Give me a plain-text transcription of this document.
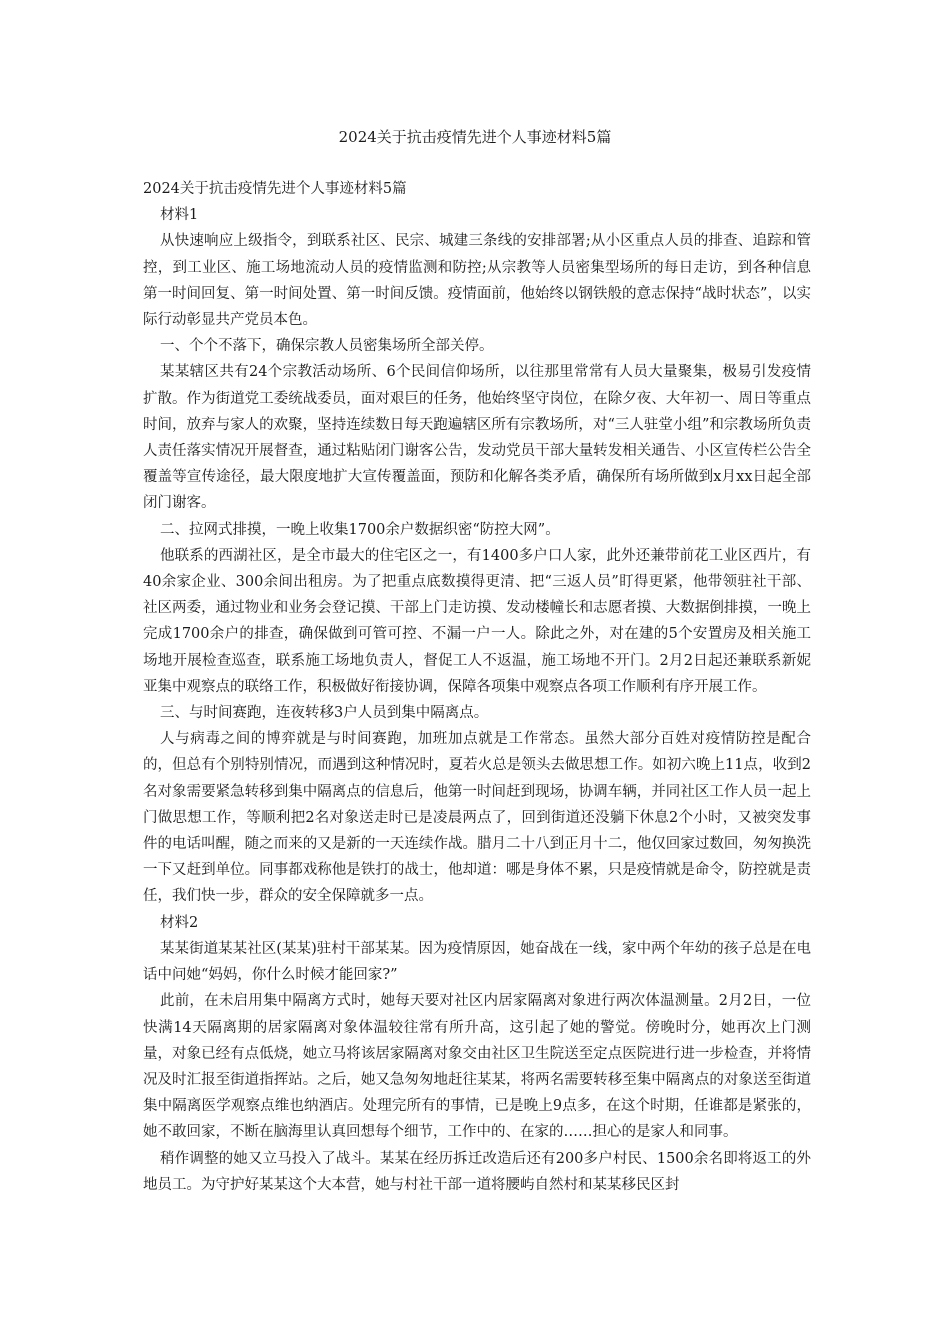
2024关于抗击疫情先进个人事迹材料5篇

2024关于抗击疫情先进个人事迹材料5篇

材料1

从快速响应上级指令，到联系社区、民宗、城建三条线的安排部署;从小区重点人员的排查、追踪和管控，到工业区、施工场地流动人员的疫情监测和防控;从宗教等人员密集型场所的每日走访，到各种信息第一时间回复、第一时间处置、第一时间反馈。疫情面前，他始终以钢铁般的意志保持“战时状态”，以实际行动彰显共产党员本色。

一、个个不落下，确保宗教人员密集场所全部关停。

某某辖区共有24个宗教活动场所、6个民间信仰场所，以往那里常常有人员大量聚集，极易引发疫情扩散。作为街道党工委统战委员，面对艰巨的任务，他始终坚守岗位，在除夕夜、大年初一、周日等重点时间，放弃与家人的欢聚，坚持连续数日每天跑遍辖区所有宗教场所，对“三人驻堂小组”和宗教场所负责人责任落实情况开展督查，通过粘贴闭门谢客公告，发动党员干部大量转发相关通告、小区宣传栏公告全覆盖等宣传途径，最大限度地扩大宣传覆盖面，预防和化解各类矛盾，确保所有场所做到x月xx日起全部闭门谢客。

二、拉网式排摸，一晚上收集1700余户数据织密“防控大网”。

他联系的西湖社区，是全市最大的住宅区之一，有1400多户口人家，此外还兼带前花工业区西片，有40余家企业、300余间出租房。为了把重点底数摸得更清、把“三返人员”盯得更紧，他带领驻社干部、社区两委，通过物业和业务会登记摸、干部上门走访摸、发动楼幢长和志愿者摸、大数据倒排摸，一晚上完成1700余户的排查，确保做到可管可控、不漏一户一人。除此之外，对在建的5个安置房及相关施工场地开展检查巡查，联系施工场地负责人，督促工人不返温，施工场地不开门。2月2日起还兼联系新妮亚集中观察点的联络工作，积极做好衔接协调，保障各项集中观察点各项工作顺利有序开展工作。

三、与时间赛跑，连夜转移3户人员到集中隔离点。

人与病毒之间的博弈就是与时间赛跑，加班加点就是工作常态。虽然大部分百姓对疫情防控是配合的，但总有个别特别情况，而遇到这种情况时，夏若火总是领头去做思想工作。如初六晚上11点，收到2名对象需要紧急转移到集中隔离点的信息后，他第一时间赶到现场，协调车辆，并同社区工作人员一起上门做思想工作，等顺利把2名对象送走时已是凌晨两点了，回到街道还没躺下休息2个小时，又被突发事件的电话叫醒，随之而来的又是新的一天连续作战。腊月二十八到正月十二，他仅回家过数回，匆匆换洗一下又赶到单位。同事都戏称他是铁打的战士，他却道：哪是身体不累，只是疫情就是命令，防控就是责任，我们快一步，群众的安全保障就多一点。

材料2

某某街道某某社区(某某)驻村干部某某。因为疫情原因，她奋战在一线，家中两个年幼的孩子总是在电话中问她“妈妈，你什么时候才能回家?”

此前，在未启用集中隔离方式时，她每天要对社区内居家隔离对象进行两次体温测量。2月2日，一位快满14天隔离期的居家隔离对象体温较往常有所升高，这引起了她的警觉。傍晚时分，她再次上门测量，对象已经有点低烧，她立马将该居家隔离对象交由社区卫生院送至定点医院进行进一步检查，并将情况及时汇报至街道指挥站。之后，她又急匆匆地赶往某某，将两名需要转移至集中隔离点的对象送至街道集中隔离医学观察点维也纳酒店。处理完所有的事情，已是晚上9点多，在这个时期，任谁都是紧张的，她不敢回家，不断在脑海里认真回想每个细节，工作中的、在家的……担心的是家人和同事。

稍作调整的她又立马投入了战斗。某某在经历拆迁改造后还有200多户村民、1500余名即将返工的外地员工。为守护好某某这个大本营，她与村社干部一道将腰屿自然村和某某移民区封
